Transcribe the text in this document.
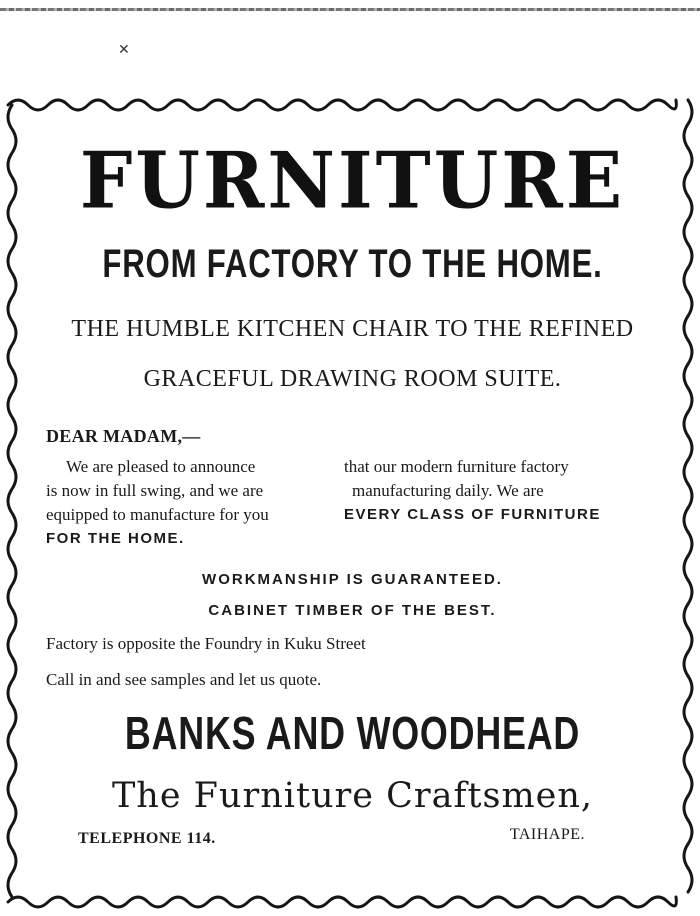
✕
FURNITURE
FROM FACTORY TO THE HOME.
THE HUMBLE KITCHEN CHAIR TO THE REFINED
GRACEFUL DRAWING ROOM SUITE.
DEAR MADAM,—
We are pleased to announce	that our modern furniture factory
is now in full swing, and we are	manufacturing daily. We are
equipped to manufacture for you	EVERY CLASS OF FURNITURE
FOR THE HOME.
WORKMANSHIP IS GUARANTEED.
CABINET TIMBER OF THE BEST.
Factory is opposite the Foundry in Kuku Street
Call in and see samples and let us quote.
BANKS AND WOODHEAD
The Furniture Craftsmen,
TELEPHONE 114.	TAIHAPE.
